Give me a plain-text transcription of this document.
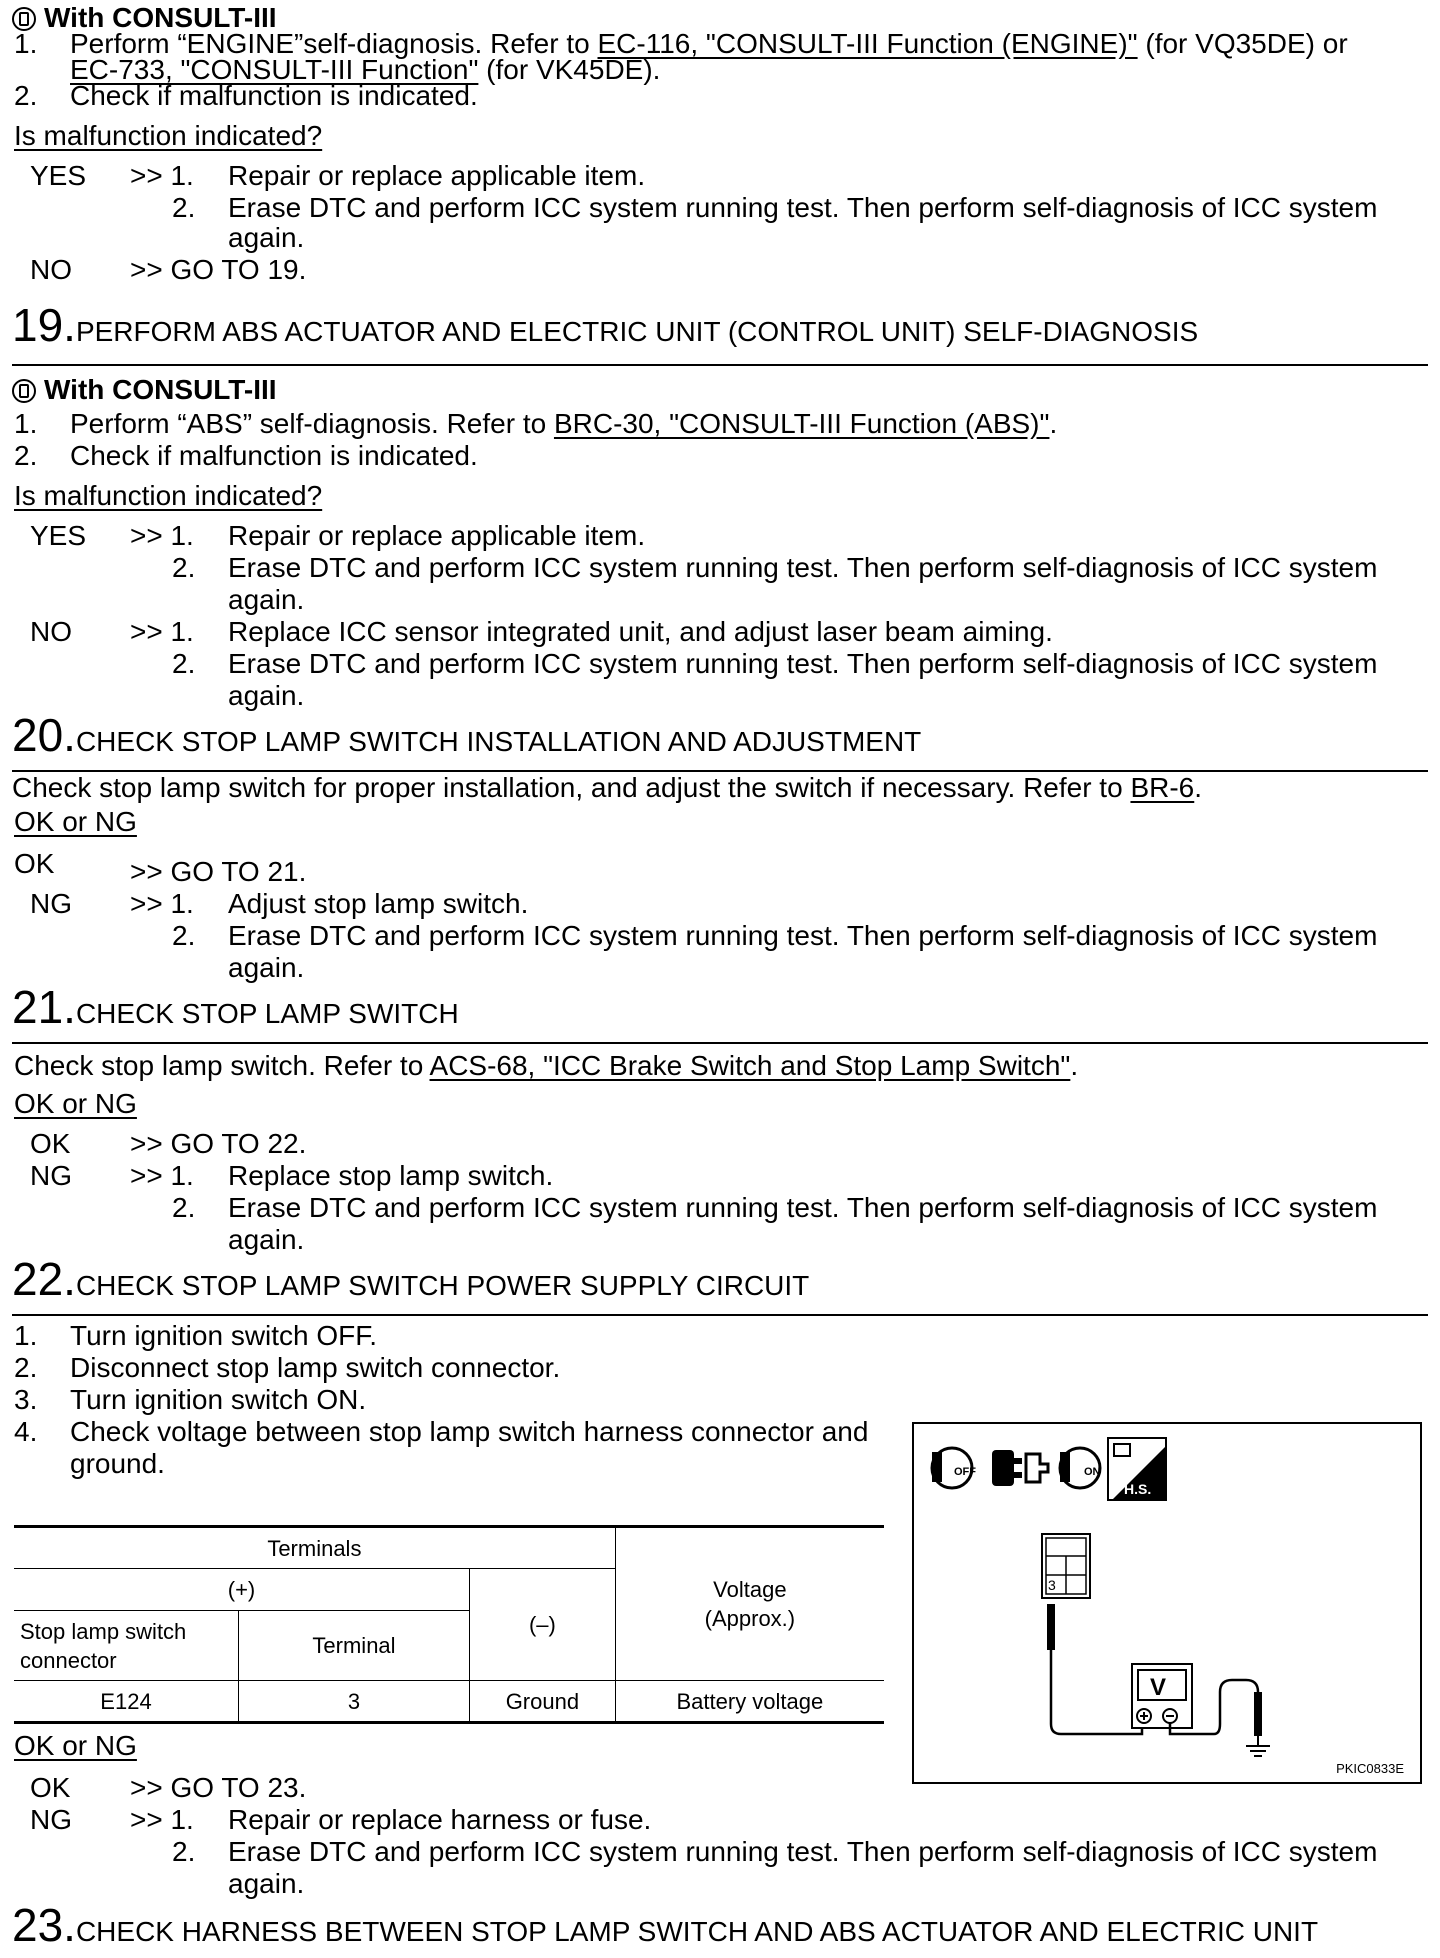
With CONSULT-III
1. Perform “ENGINE”self-diagnosis. Refer to EC-116, "CONSULT-III Function (ENGINE)" (for VQ35DE) or
EC-733, "CONSULT-III Function" (for VK45DE).
2. Check if malfunction is indicated.
Is malfunction indicated?
YES >> 1. Repair or replace applicable item.
2. Erase DTC and perform ICC system running test. Then perform self-diagnosis of ICC system
again.
NO >> GO TO 19.
19.PERFORM ABS ACTUATOR AND ELECTRIC UNIT (CONTROL UNIT) SELF-DIAGNOSIS
With CONSULT-III
1. Perform “ABS” self-diagnosis. Refer to BRC-30, "CONSULT-III Function (ABS)".
2. Check if malfunction is indicated.
Is malfunction indicated?
YES >> 1. Repair or replace applicable item.
2. Erase DTC and perform ICC system running test. Then perform self-diagnosis of ICC system
again.
NO >> 1. Replace ICC sensor integrated unit, and adjust laser beam aiming.
2. Erase DTC and perform ICC system running test. Then perform self-diagnosis of ICC system
again.
20.CHECK STOP LAMP SWITCH INSTALLATION AND ADJUSTMENT
Check stop lamp switch for proper installation, and adjust the switch if necessary. Refer to BR-6.
OK or NG
OK	>> GO TO 21.
NG >> 1. Adjust stop lamp switch.
2. Erase DTC and perform ICC system running test. Then perform self-diagnosis of ICC system
again.
21.CHECK STOP LAMP SWITCH
Check stop lamp switch. Refer to ACS-68, "ICC Brake Switch and Stop Lamp Switch".
OK or NG
OK >> GO TO 22.
NG >> 1. Replace stop lamp switch.
2. Erase DTC and perform ICC system running test. Then perform self-diagnosis of ICC system
again.
22.CHECK STOP LAMP SWITCH POWER SUPPLY CIRCUIT
1. Turn ignition switch OFF.
2. Disconnect stop lamp switch connector.
3. Turn ignition switch ON.
4. Check voltage between stop lamp switch harness connector and
ground.
Terminals			Voltage
(Approx.)
(+)		(–)	
Stop lamp switch
connector	Terminal		
E124	3	Ground	Battery voltage
OFF	ON
H.S.
3
V
PKIC0833E
OK or NG
OK >> GO TO 23.
NG >> 1. Repair or replace harness or fuse.
2. Erase DTC and perform ICC system running test. Then perform self-diagnosis of ICC system
again.
23.CHECK HARNESS BETWEEN STOP LAMP SWITCH AND ABS ACTUATOR AND ELECTRIC UNIT
